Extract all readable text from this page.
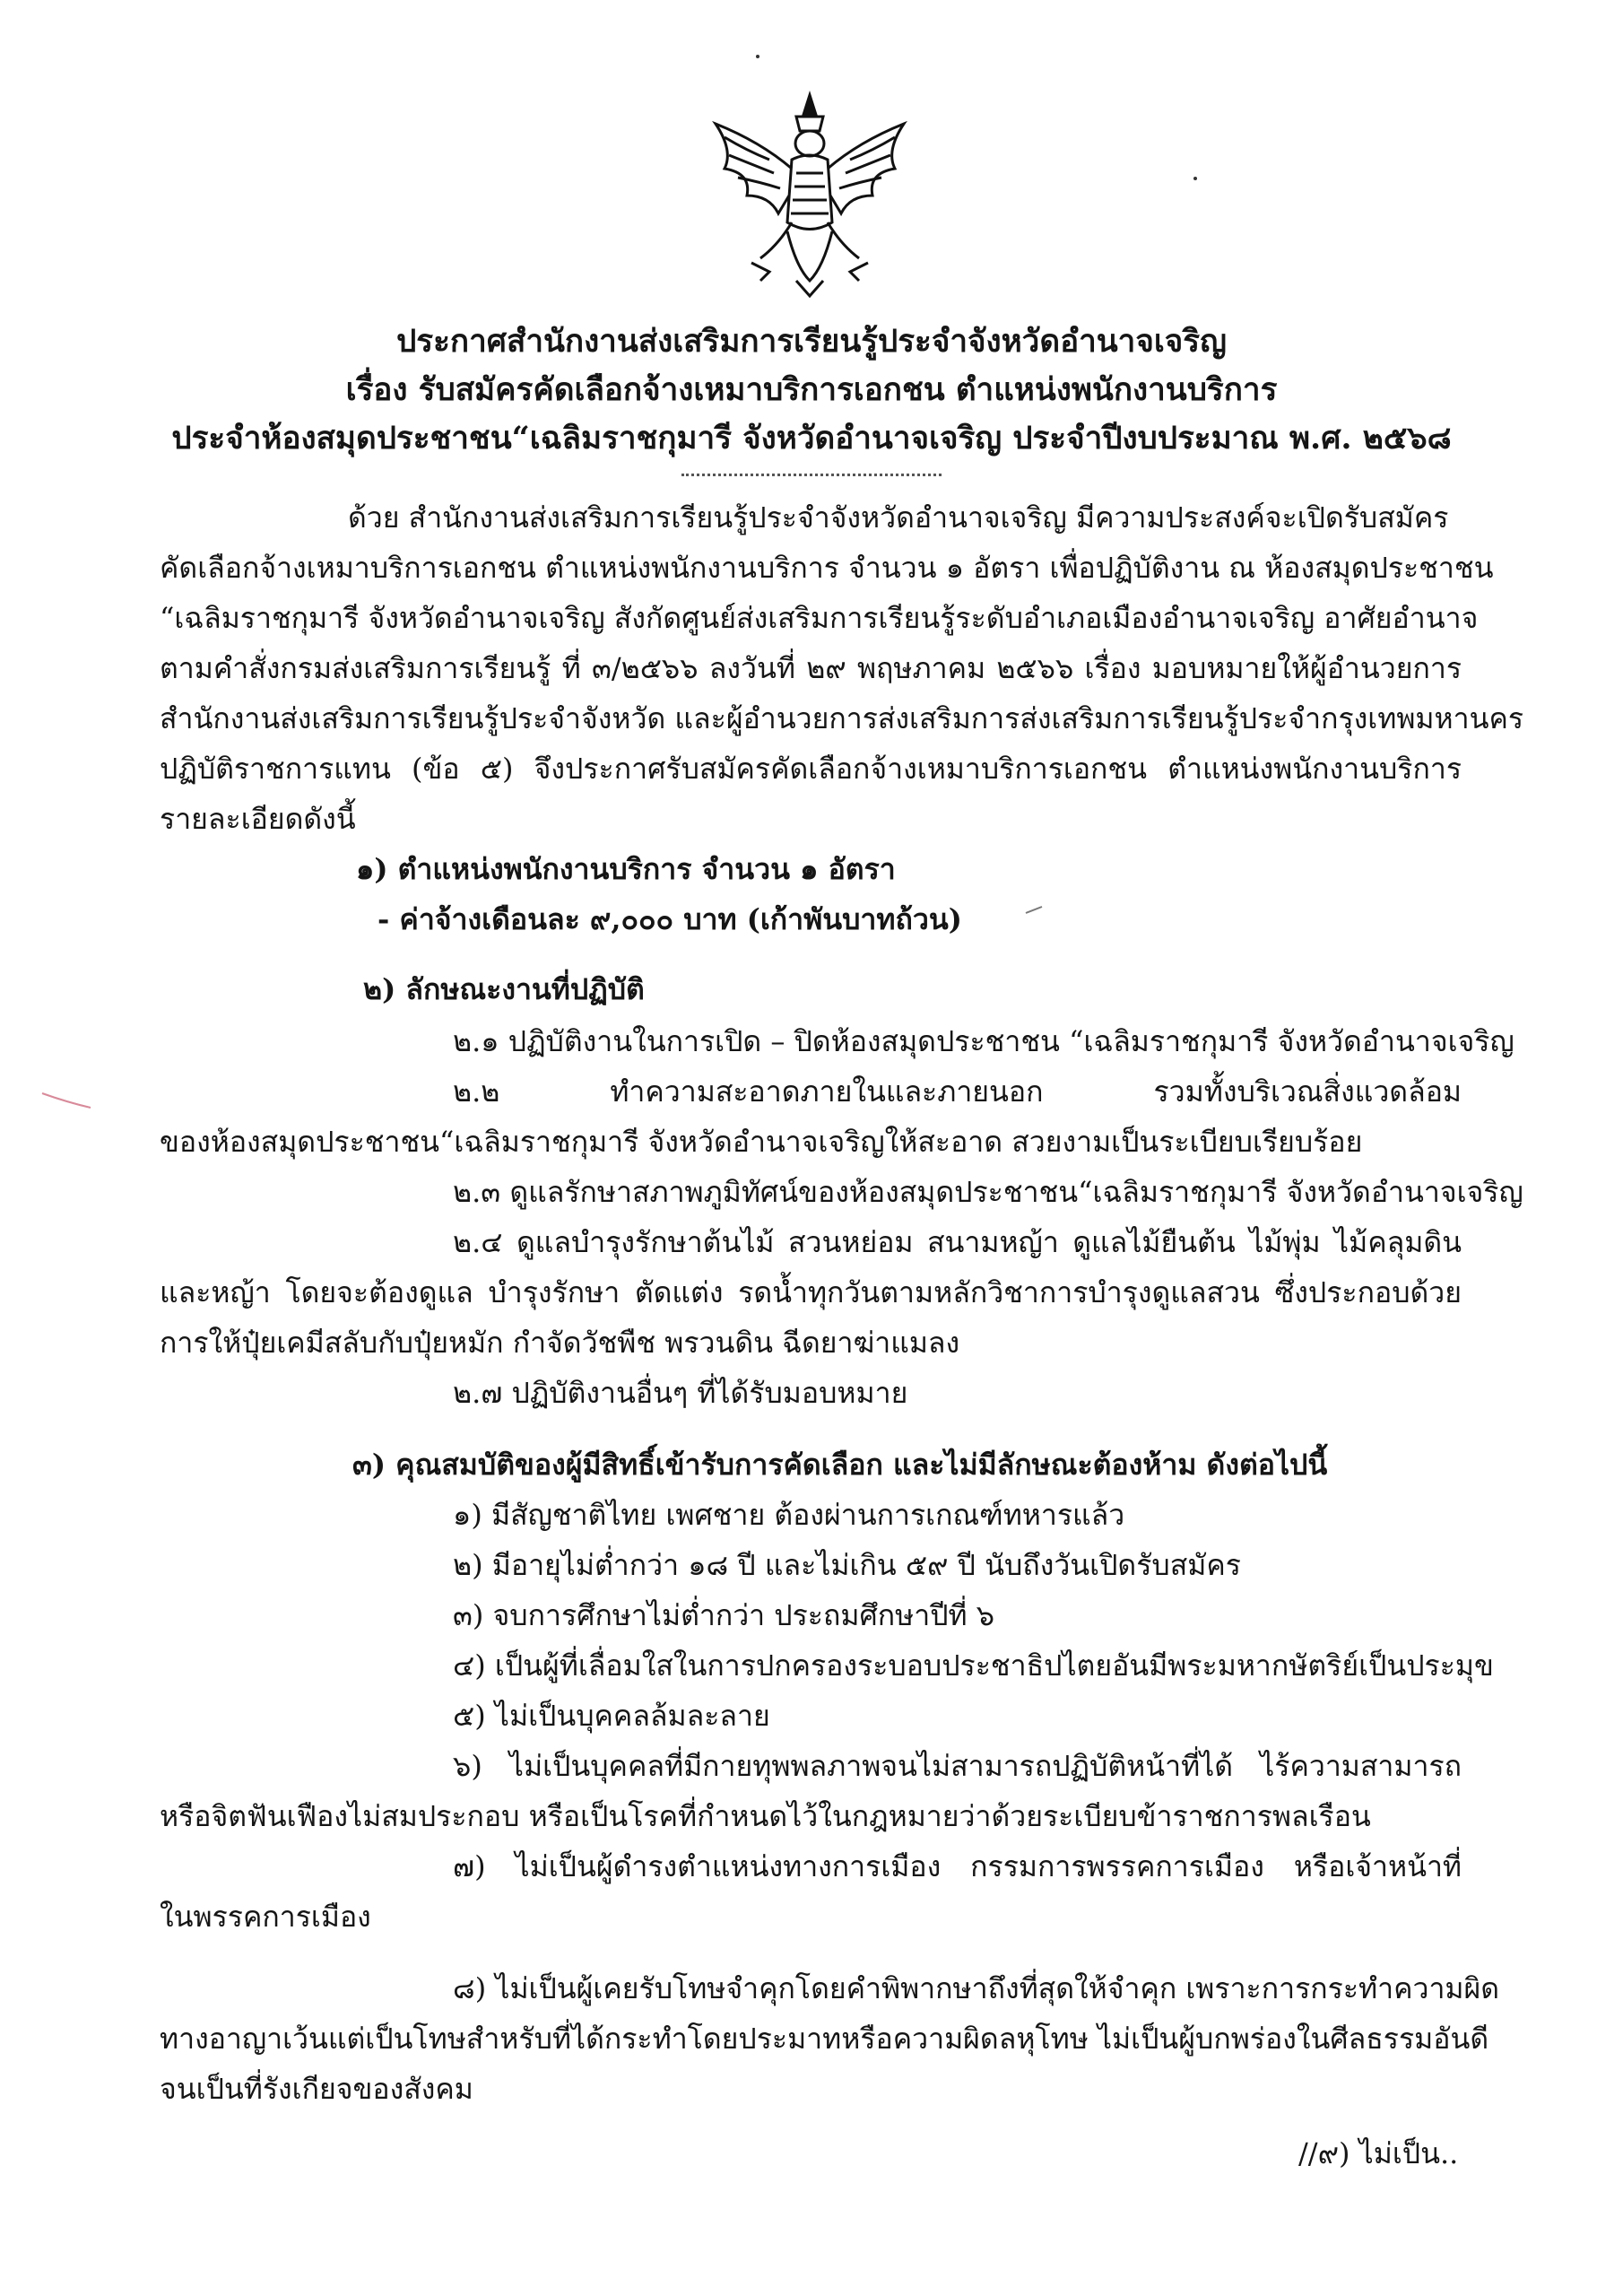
ประกาศสำนักงานส่งเสริมการเรียนรู้ประจำจังหวัดอำนาจเจริญ
เรื่อง รับสมัครคัดเลือกจ้างเหมาบริการเอกชน ตำแหน่งพนักงานบริการ
ประจำห้องสมุดประชาชน“เฉลิมราชกุมารี จังหวัดอำนาจเจริญ ประจำปีงบประมาณ พ.ศ. ๒๕๖๘
ด้วย สำนักงานส่งเสริมการเรียนรู้ประจำจังหวัดอำนาจเจริญ มีความประสงค์จะเปิดรับสมัคร
คัดเลือกจ้างเหมาบริการเอกชน ตำแหน่งพนักงานบริการ จำนวน ๑ อัตรา เพื่อปฏิบัติงาน ณ ห้องสมุดประชาชน
“เฉลิมราชกุมารี จังหวัดอำนาจเจริญ สังกัดศูนย์ส่งเสริมการเรียนรู้ระดับอำเภอเมืองอำนาจเจริญ อาศัยอำนาจ
ตามคำสั่งกรมส่งเสริมการเรียนรู้ ที่ ๓/๒๕๖๖ ลงวันที่ ๒๙ พฤษภาคม ๒๕๖๖ เรื่อง มอบหมายให้ผู้อำนวยการ
สำนักงานส่งเสริมการเรียนรู้ประจำจังหวัด และผู้อำนวยการส่งเสริมการส่งเสริมการเรียนรู้ประจำกรุงเทพมหานคร
ปฏิบัติราชการแทน (ข้อ ๕) จึงประกาศรับสมัครคัดเลือกจ้างเหมาบริการเอกชน ตำแหน่งพนักงานบริการ
รายละเอียดดังนี้
๑) ตำแหน่งพนักงานบริการ จำนวน ๑ อัตรา
- ค่าจ้างเดือนละ ๙,๐๐๐ บาท (เก้าพันบาทถ้วน)
๒) ลักษณะงานที่ปฏิบัติ
๒.๑ ปฏิบัติงานในการเปิด – ปิดห้องสมุดประชาชน “เฉลิมราชกุมารี จังหวัดอำนาจเจริญ
๒.๒ ทำความสะอาดภายในและภายนอก รวมทั้งบริเวณสิ่งแวดล้อม
ของห้องสมุดประชาชน“เฉลิมราชกุมารี จังหวัดอำนาจเจริญให้สะอาด สวยงามเป็นระเบียบเรียบร้อย
๒.๓ ดูแลรักษาสภาพภูมิทัศน์ของห้องสมุดประชาชน“เฉลิมราชกุมารี จังหวัดอำนาจเจริญ
๒.๔ ดูแลบำรุงรักษาต้นไม้ สวนหย่อม สนามหญ้า ดูแลไม้ยืนต้น ไม้พุ่ม ไม้คลุมดิน
และหญ้า โดยจะต้องดูแล บำรุงรักษา ตัดแต่ง รดน้ำทุกวันตามหลักวิชาการบำรุงดูแลสวน ซึ่งประกอบด้วย
การให้ปุ๋ยเคมีสลับกับปุ๋ยหมัก กำจัดวัชพืช พรวนดิน ฉีดยาฆ่าแมลง
๒.๗ ปฏิบัติงานอื่นๆ ที่ได้รับมอบหมาย
๓) คุณสมบัติของผู้มีสิทธิ์เข้ารับการคัดเลือก และไม่มีลักษณะต้องห้าม ดังต่อไปนี้
๑) มีสัญชาติไทย เพศชาย ต้องผ่านการเกณฑ์ทหารแล้ว
๒) มีอายุไม่ต่ำกว่า ๑๘ ปี และไม่เกิน ๕๙ ปี นับถึงวันเปิดรับสมัคร
๓) จบการศึกษาไม่ต่ำกว่า ประถมศึกษาปีที่ ๖
๔) เป็นผู้ที่เลื่อมใสในการปกครองระบอบประชาธิปไตยอันมีพระมหากษัตริย์เป็นประมุข
๕) ไม่เป็นบุคคลล้มละลาย
๖) ไม่เป็นบุคคลที่มีกายทุพพลภาพจนไม่สามารถปฏิบัติหน้าที่ได้ ไร้ความสามารถ
หรือจิตฟันเฟืองไม่สมประกอบ หรือเป็นโรคที่กำหนดไว้ในกฎหมายว่าด้วยระเบียบข้าราชการพลเรือน
๗) ไม่เป็นผู้ดำรงตำแหน่งทางการเมือง กรรมการพรรคการเมือง หรือเจ้าหน้าที่
ในพรรคการเมือง
๘) ไม่เป็นผู้เคยรับโทษจำคุกโดยคำพิพากษาถึงที่สุดให้จำคุก เพราะการกระทำความผิด
ทางอาญาเว้นแต่เป็นโทษสำหรับที่ได้กระทำโดยประมาทหรือความผิดลหุโทษ ไม่เป็นผู้บกพร่องในศีลธรรมอันดี
จนเป็นที่รังเกียจของสังคม
//๙) ไม่เป็น..
